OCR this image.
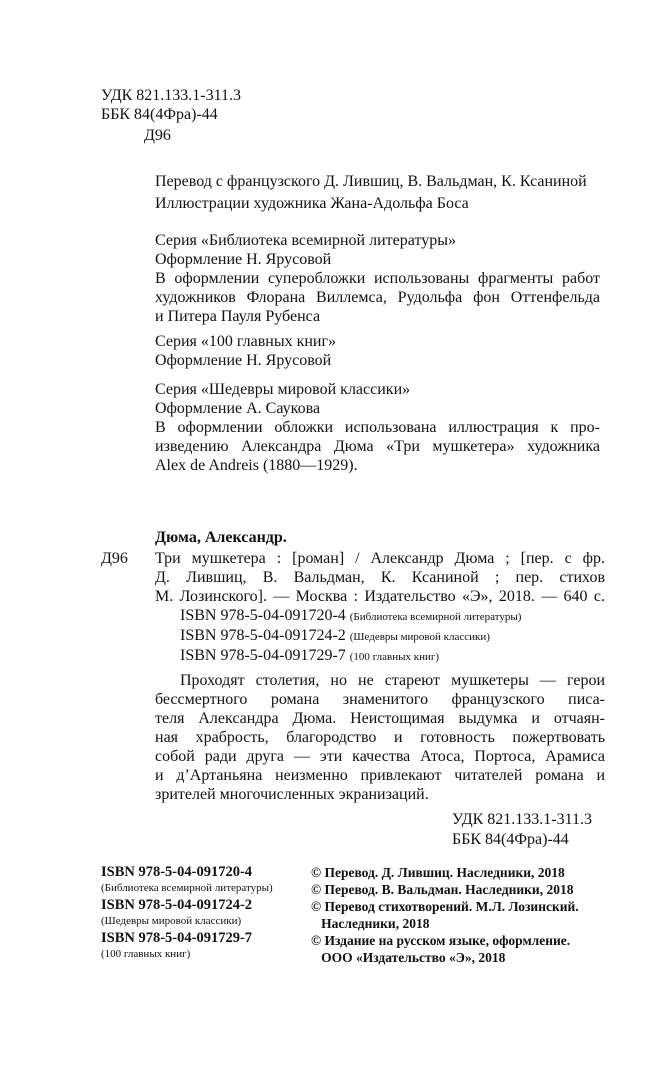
УДК 821.133.1-311.3
ББК 84(4Фра)-44
Д96
Перевод с французского Д. Лившиц, В. Вальдман, К. Ксаниной
Иллюстрации художника Жана-Адольфа Боса
Серия «Библиотека всемирной литературы»
Оформление Н. Ярусовой
В оформлении суперобложки использованы фрагменты работ
художников Флорана Виллемса, Рудольфа фон Оттенфельда
и Питера Пауля Рубенса
Серия «100 главных книг»
Оформление Н. Ярусовой
Серия «Шедевры мировой классики»
Оформление А. Саукова
В оформлении обложки использована иллюстрация к про-
изведению Александра Дюма «Три мушкетера» художника
Alex de Andreis (1880—1929).
Дюма, Александр.
Д96 Три мушкетера : [роман] / Александр Дюма ; [пер. с фр.
Д. Лившиц, В. Вальдман, К. Ксаниной ; пер. стихов
М. Лозинского]. — Москва : Издательство «Э», 2018. — 640 с.
ISBN 978-5-04-091720-4 (Библиотека всемирной литературы)
ISBN 978-5-04-091724-2 (Шедевры мировой классики)
ISBN 978-5-04-091729-7 (100 главных книг)
Проходят столетия, но не стареют мушкетеры — герои
бессмертного романа знаменитого французского писа-
теля Александра Дюма. Неистощимая выдумка и отчаян-
ная храбрость, благородство и готовность пожертвовать
собой ради друга — эти качества Атоса, Портоса, Арамиса
и д’Артаньяна неизменно привлекают читателей романа и
зрителей многочисленных экранизаций.
УДК 821.133.1-311.3
ББК 84(4Фра)-44
ISBN 978-5-04-091720-4
(Библиотека всемирной литературы)
ISBN 978-5-04-091724-2
(Шедевры мировой классики)
ISBN 978-5-04-091729-7
(100 главных книг)
© Перевод. Д. Лившиц. Наследники, 2018
© Перевод. В. Вальдман. Наследники, 2018
© Перевод стихотворений. М.Л. Лозинский.
Наследники, 2018
© Издание на русском языке, оформление.
ООО «Издательство «Э», 2018
